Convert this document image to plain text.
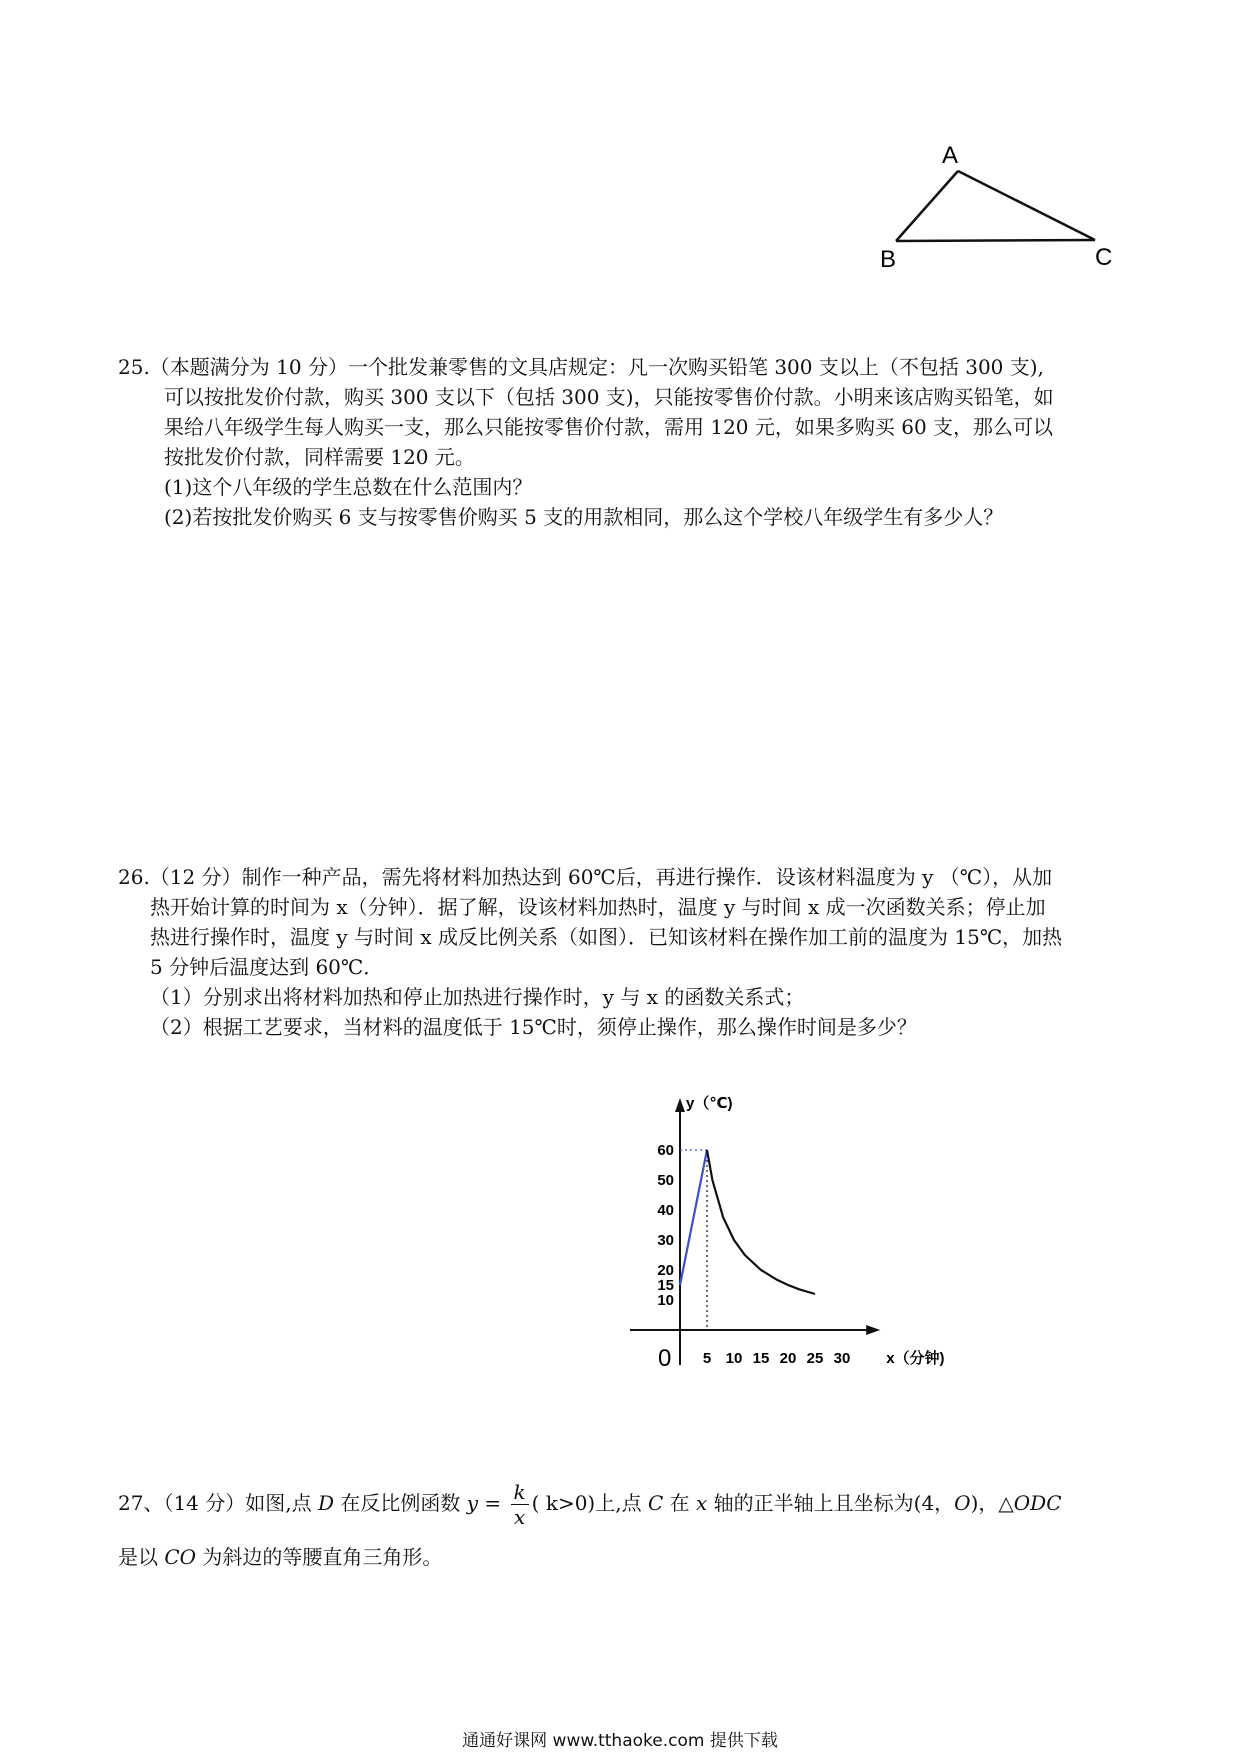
A
B	C

25.（本题满分为 10 分）一个批发兼零售的文具店规定：凡一次购买铅笔 300 支以上（不包括 300 支),

可以按批发价付款，购买 300 支以下（包括 300 支)，只能按零售价付款。小明来该店购买铅笔，如

果给八年级学生每人购买一支，那么只能按零售价付款，需用 120 元，如果多购买 60 支，那么可以

按批发价付款，同样需要 120 元。

(1)这个八年级的学生总数在什么范围内？

(2)若按批发价购买 6 支与按零售价购买 5 支的用款相同，那么这个学校八年级学生有多少人？

26.（12 分）制作一种产品，需先将材料加热达到 60℃后，再进行操作．设该材料温度为 y （℃），从加

热开始计算的时间为 x（分钟）．据了解，设该材料加热时，温度 y 与时间 x 成一次函数关系；停止加

热进行操作时，温度 y 与时间 x 成反比例关系（如图）．已知该材料在操作加工前的温度为 15℃，加热

5 分钟后温度达到 60℃．

（1）分别求出将材料加热和停止加热进行操作时，y 与 x 的函数关系式；

（2）根据工艺要求，当材料的温度低于 15℃时，须停止操作，那么操作时间是多少？

y（℃)
x（分钟)
0 5 10 15 20 25 30
10
15
20
30
40
50
60

27、（14 分）如图,点 D 在反比例函数 $y = \frac{k}{x}$ ( k>0)上,点 C 在 x 轴的正半轴上且坐标为(4，O)，△ODC

是以 CO 为斜边的等腰直角三角形。

通通好课网 www.tthaoke.com 提供下载
